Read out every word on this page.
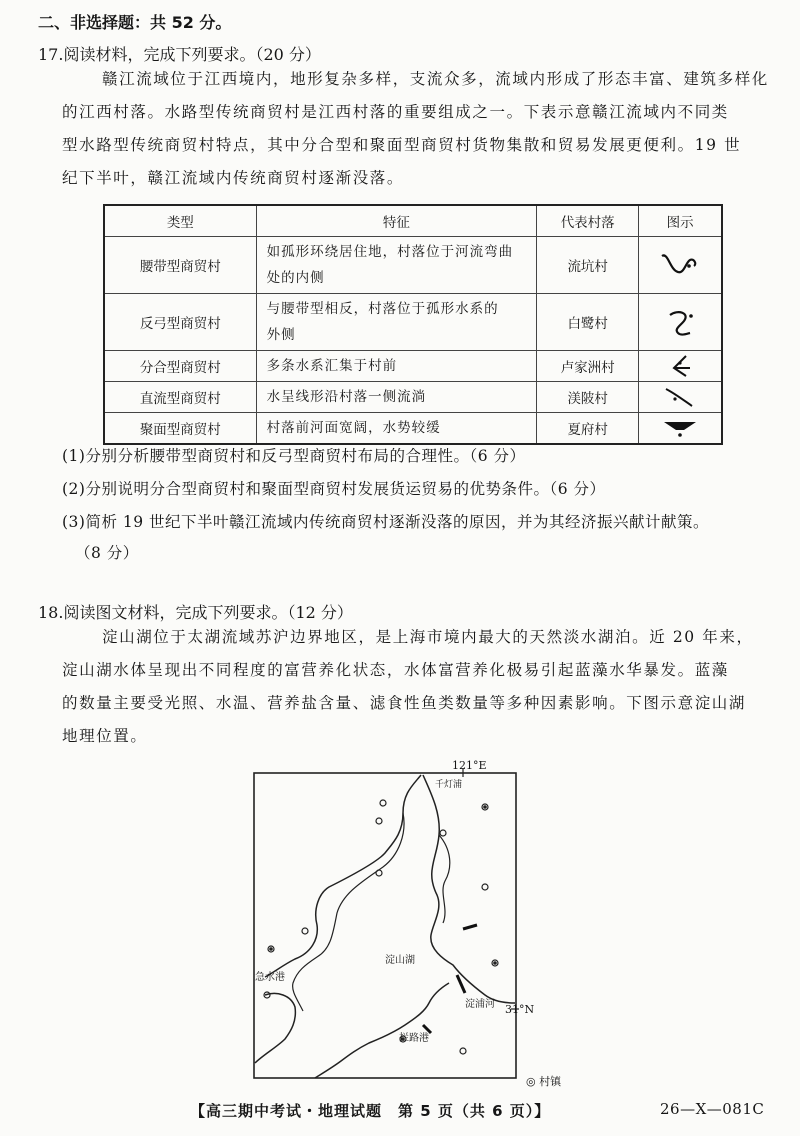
二、非选择题：共 52 分。
17.阅读材料，完成下列要求。（20 分）
赣江流域位于江西境内，地形复杂多样，支流众多，流域内形成了形态丰富、建筑多样化
的江西村落。水路型传统商贸村是江西村落的重要组成之一。下表示意赣江流域内不同类
型水路型传统商贸村特点，其中分合型和聚面型商贸村货物集散和贸易发展更便利。19 世
纪下半叶，赣江流域内传统商贸村逐渐没落。
类型	特征	代表村落	图示
腰带型商贸村	如孤形环绕居住地，村落位于河流弯曲
处的内侧	流坑村	

反弓型商贸村	与腰带型相反，村落位于孤形水系的
外侧	白鹭村	

分合型商贸村	多条水系汇集于村前	卢家洲村	

直流型商贸村	水呈线形沿村落一侧流淌	渼陂村	

聚面型商贸村	村落前河面宽阔，水势较缓	夏府村	
(1)分别分析腰带型商贸村和反弓型商贸村布局的合理性。（6 分）
(2)分别说明分合型商贸村和聚面型商贸村发展货运贸易的优势条件。（6 分）
(3)简析 19 世纪下半叶赣江流域内传统商贸村逐渐没落的原因，并为其经济振兴献计献策。
（8 分）
18.阅读图文材料，完成下列要求。（12 分）
淀山湖位于太湖流域苏沪边界地区，是上海市境内最大的天然淡水湖泊。近 20 年来，
淀山湖水体呈现出不同程度的富营养化状态，水体富营养化极易引起蓝藻水华暴发。蓝藻
的数量主要受光照、水温、营养盐含量、滤食性鱼类数量等多种因素影响。下图示意淀山湖
地理位置。
121°E
千灯浦
淀山湖
急水港
淀浦河 31°N
拦路港
◎ 村镇
【高三期中考试・地理试题　第 5 页（共 6 页）】	26—X—081C
